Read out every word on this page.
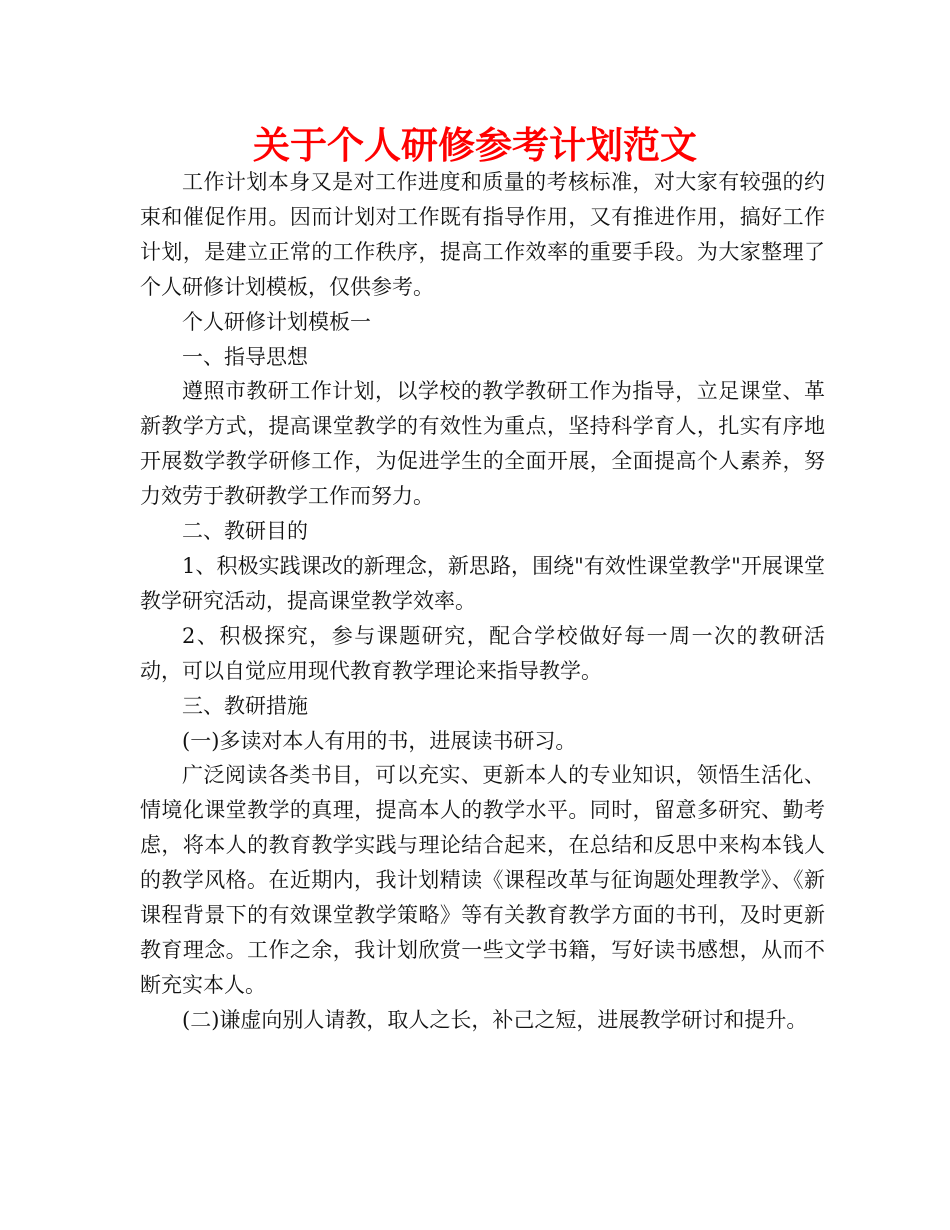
关于个人研修参考计划范文

工作计划本身又是对工作进度和质量的考核标准，对大家有较强的约束和催促作用。因而计划对工作既有指导作用，又有推进作用，搞好工作计划，是建立正常的工作秩序，提高工作效率的重要手段。为大家整理了个人研修计划模板，仅供参考。

个人研修计划模板一

一、指导思想

遵照市教研工作计划，以学校的教学教研工作为指导，立足课堂、革新教学方式，提高课堂教学的有效性为重点，坚持科学育人，扎实有序地开展数学教学研修工作，为促进学生的全面开展，全面提高个人素养，努力效劳于教研教学工作而努力。

二、教研目的

1、积极实践课改的新理念，新思路，围绕"有效性课堂教学"开展课堂教学研究活动，提高课堂教学效率。

2、积极探究，参与课题研究，配合学校做好每一周一次的教研活动，可以自觉应用现代教育教学理论来指导教学。

三、教研措施

(一)多读对本人有用的书，进展读书研习。

广泛阅读各类书目，可以充实、更新本人的专业知识，领悟生活化、情境化课堂教学的真理，提高本人的教学水平。同时，留意多研究、勤考虑，将本人的教育教学实践与理论结合起来，在总结和反思中来构本钱人的教学风格。在近期内，我计划精读《课程改革与征询题处理教学》、《新课程背景下的有效课堂教学策略》等有关教育教学方面的书刊，及时更新教育理念。工作之余，我计划欣赏一些文学书籍，写好读书感想，从而不断充实本人。

(二)谦虚向别人请教，取人之长，补己之短，进展教学研讨和提升。
